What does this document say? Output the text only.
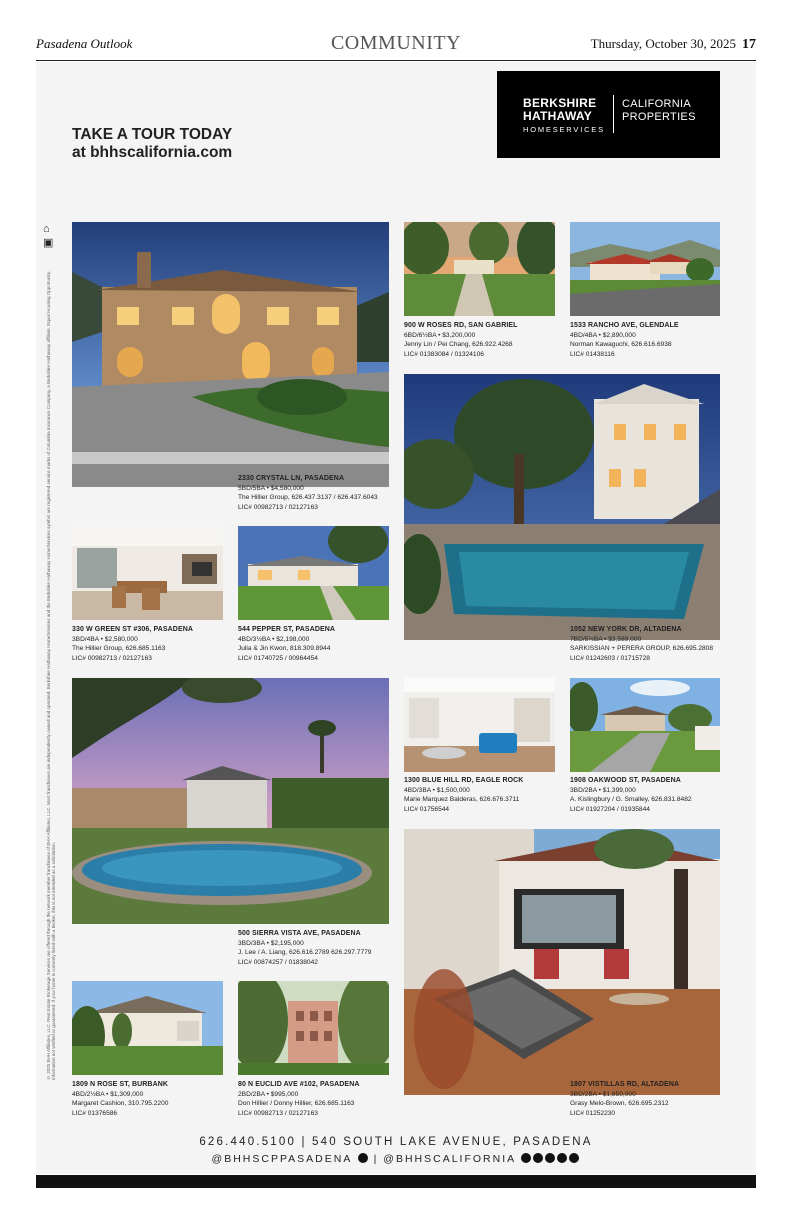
Pasadena Outlook	COMMUNITY	Thursday, October 30, 2025 17
TAKE A TOUR TODAY
at bhhscalifornia.com
BERKSHIRE
HATHAWAY
HOMESERVICES
CALIFORNIA
PROPERTIES
⌂
▣
© 2025 BHH Affiliates, LLC. Real Estate Brokerage Services are offered through the network member franchisees of BHH Affiliates, LLC. Most franchisees are independently owned and operated. Berkshire Hathaway HomeServices and the Berkshire Hathaway HomeServices symbol are registered service marks of Columbia Insurance Company, a Berkshire Hathaway affiliate. Equal Housing Opportunity. Information not verified or guaranteed. If your home is currently listed with a Broker, this is not intended as a solicitation.
2330 CRYSTAL LN, PASADENA
5BD/5BA • $4,580,000
The Hillier Group, 626.437.3137 / 626.437.6043
LIC# 00982713 / 02127163
900 W ROSES RD, SAN GABRIEL
6BD/6½BA • $3,200,000
Jenny Lin / Pei Chang, 626.922.4268
LIC# 01383084 / 01324106
1533 RANCHO AVE, GLENDALE
4BD/4BA • $2,890,000
Norman Kawaguchi, 626.616.6938
LIC# 01438116
330 W GREEN ST #306, PASADENA
3BD/4BA • $2,580,000
The Hillier Group, 626.685.1163
LIC# 00982713 / 02127163
544 PEPPER ST, PASADENA
4BD/3½BA • $2,198,000
Julia & Jin Kwon, 818.309.8944
LIC# 01740725 / 00964454
1052 NEW YORK DR, ALTADENA
7BD/5½BA • $3,589,000
SARKISSIAN + PERERA GROUP, 626.695.2808
LIC# 01242603 / 01715728
500 SIERRA VISTA AVE, PASADENA
3BD/3BA • $2,195,000
J. Lee / A. Liang, 626.616.2789 626.297.7779
LIC# 00874257 / 01838042
1300 BLUE HILL RD, EAGLE ROCK
4BD/3BA • $1,500,000
Marie Marquez Balderas, 626.676.3711
LIC# 01756544
1908 OAKWOOD ST, PASADENA
3BD/2BA • $1,399,000
A. Kislingbury / G. Smalley, 626.831.8482
LIC# 01927204 / 01935844
1809 N ROSE ST, BURBANK
4BD/2½BA • $1,309,000
Margaret Cashion, 310.795.2200
LIC# 01376586
80 N EUCLID AVE #102, PASADENA
2BD/2BA • $995,000
Don Hillier / Donny Hillier, 626.685.1163
LIC# 00982713 / 02127163
1807 VISTILLAS RD, ALTADENA
3BD/2BA • $1,850,000
Grasy Melo-Brown, 626.695.2312
LIC# 01252230
626.440.5100 | 540 SOUTH LAKE AVENUE, PASADENA
@BHHSCPPASADENA | @BHHSCALIFORNIA
